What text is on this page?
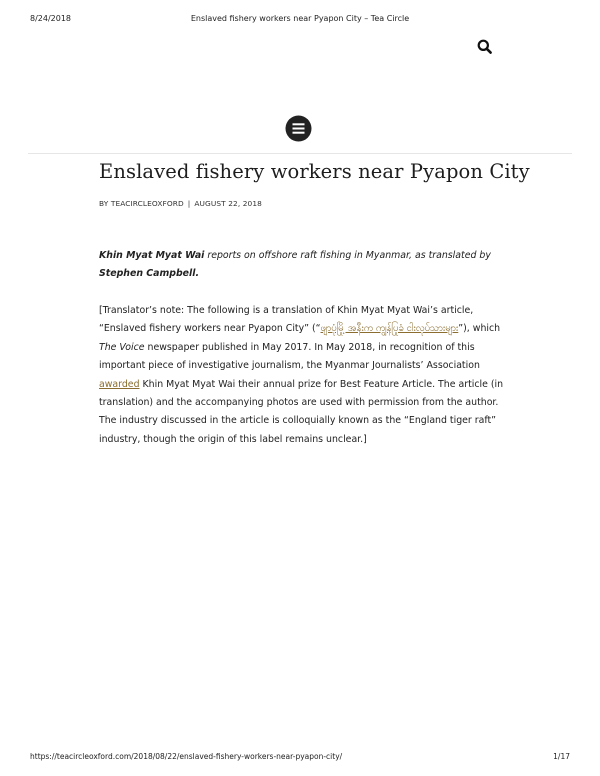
8/24/2018	Enslaved fishery workers near Pyapon City – Tea Circle
Enslaved fishery workers near Pyapon City
BY TEACIRCLEOXFORD | AUGUST 22, 2018

Khin Myat Myat Wai reports on offshore raft fishing in Myanmar, as translated by Stephen Campbell.

[Translator’s note: The following is a translation of Khin Myat Myat Wai’s article, “Enslaved fishery workers near Pyapon City” (“ဖျာပုံမြို့ အနီးက ကျွန်ပြုခံ ငါးလုပ်သားများ”), which The Voice newspaper published in May 2017. In May 2018, in recognition of this important piece of investigative journalism, the Myanmar Journalists’ Association awarded Khin Myat Myat Wai their annual prize for Best Feature Article. The article (in translation) and the accompanying photos are used with permission from the author. The industry discussed in the article is colloquially known as the “England tiger raft” industry, though the origin of this label remains unclear.]

https://teacircleoxford.com/2018/08/22/enslaved-fishery-workers-near-pyapon-city/	1/17
